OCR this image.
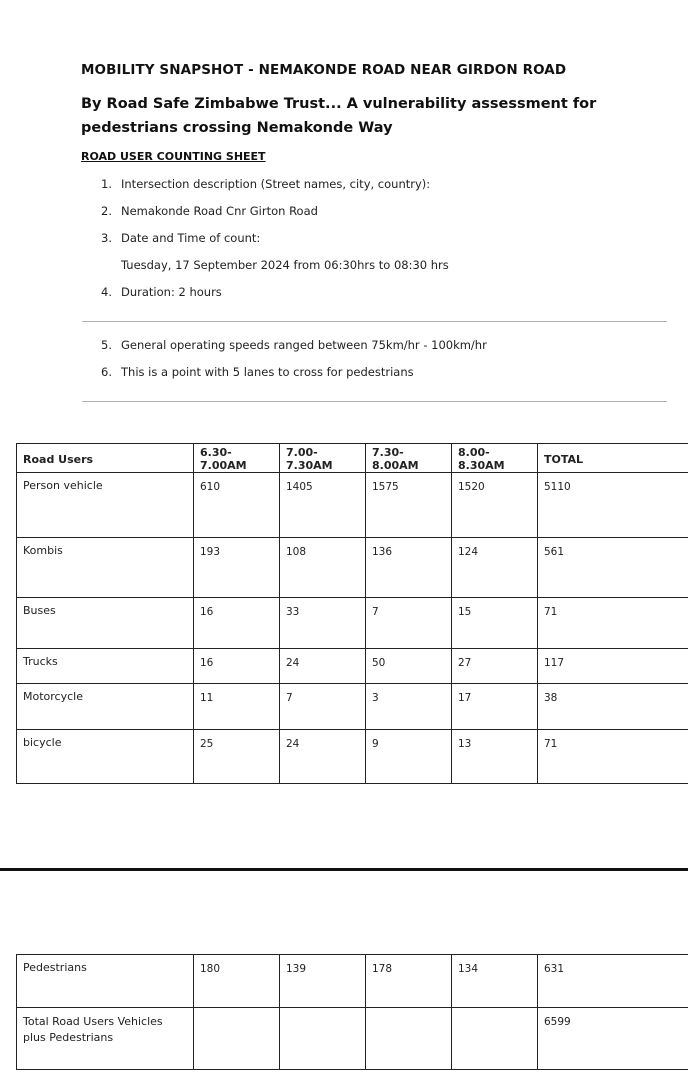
MOBILITY SNAPSHOT - NEMAKONDE ROAD NEAR GIRDON ROAD
By Road Safe Zimbabwe Trust... A vulnerability assessment for
pedestrians crossing Nemakonde Way
ROAD USER COUNTING SHEET
1. Intersection description (Street names, city, country):
2. Nemakonde Road Cnr Girton Road
3. Date and Time of count:
Tuesday, 17 September 2024 from 06:30hrs to 08:30 hrs
4. Duration: 2 hours
5. General operating speeds ranged between 75km/hr - 100km/hr
6. This is a point with 5 lanes to cross for pedestrians
Road Users	6.30-7.00AM	7.00-7.30AM	7.30-8.00AM	8.00-8.30AM	TOTAL
Person vehicle	610	1405	1575	1520	5110
Kombis	193	108	136	124	561
Buses	16	33	7	15	71
Trucks	16	24	50	27	117
Motorcycle	11	7	3	17	38
bicycle	25	24	9	13	71
Pedestrians	180	139	178	134	631
Total Road Users Vehicles plus Pedestrians					6599
